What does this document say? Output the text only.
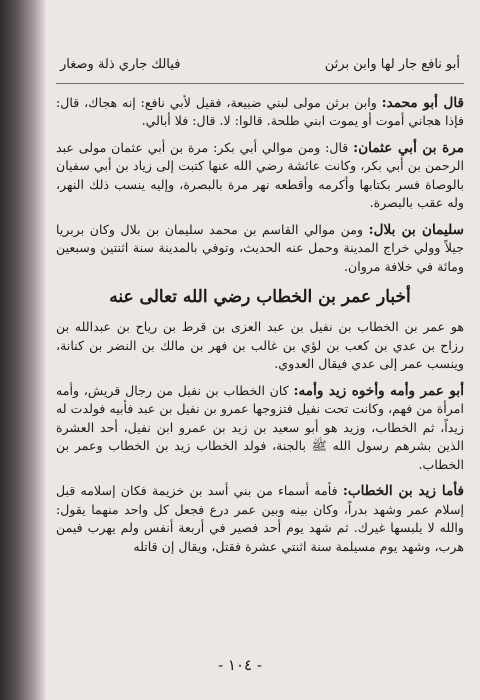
أبو نافع جار لها وابن برثن
فيالك جاري ذلة وصغار

قال أبو محمد: وابن برثن مولى لبني ضبيعة، فقيل لأبي نافع: إنه هجاك، قال: فإذا هجاني أموت أو يموت ابني طلحة. قالوا: لا. قال: فلا أبالي.

مرة بن أبي عثمان: قال: ومن موالي أبي بكر: مرة بن أبي عثمان مولى عبد الرحمن بن أبي بكر، وكانت عائشة رضي الله عنها كتبت إلى زياد بن أبي سفيان بالوصاة فسر بكتابها وأكرمه وأقطعه نهر مرة بالبصرة، وإليه ينسب ذلك النهر، وله عقب بالبصرة.

سليمان بن بلال: ومن موالي القاسم بن محمد سليمان بن بلال وكان بربريا جيلاً وولي خراج المدينة وحمل عنه الحديث، وتوفي بالمدينة سنة اثنتين وسبعين ومائة في خلافة مروان.

أخبار عمر بن الخطاب رضي الله تعالى عنه

هو عمر بن الخطاب بن نفيل بن عبد العزى بن قرط بن رياح بن عبدالله بن رزاح بن عدي بن كعب بن لؤي بن غالب بن فهر بن مالك بن النضر بن كنانة، وينسب عمر إلى عدي فيقال العدوي.

أبو عمر وأمه وأخوه زيد وأمه: كان الخطاب بن نفيل من رجال قريش، وأمه امرأة من فهم، وكانت تحت نفيل فتزوجها عمرو بن نفيل بن عبد فأبيه فولدت له زيداً، ثم الخطاب، وزيد هو أبو سعيد بن زيد بن عمرو ابن نفيل، أحد العشرة الذين بشرهم رسول الله ﷺ بالجنة، فولد الخطاب زيد بن الخطاب وعمر بن الخطاب.

فأما زيد بن الخطاب: فأمه أسماء من بني أسد بن خزيمة فكان إسلامه قبل إسلام عمر وشهد بدراً، وكان بينه وبين عمر درع فجعل كل واحد منهما يقول: والله لا يلبسها غيرك. ثم شهد يوم أحد فصير في أربعة أنفس ولم يهرب فيمن هرب، وشهد يوم مسيلمة سنة اثنتي عشرة فقتل، ويقال إن قاتله

- ١٠٤ -
